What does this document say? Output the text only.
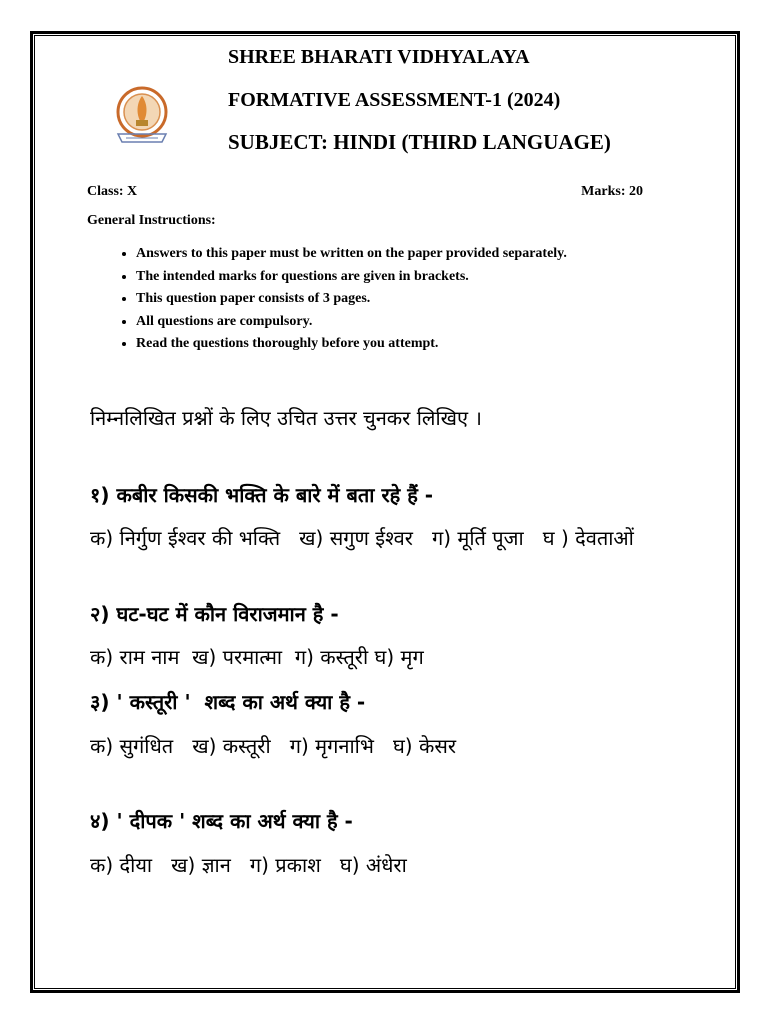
SHREE BHARATI VIDHYALAYA
FORMATIVE ASSESSMENT-1 (2024)
SUBJECT: HINDI (THIRD LANGUAGE)
Class: X	Marks: 20
General Instructions:
• Answers to this paper must be written on the paper provided separately.
• The intended marks for questions are given in brackets.
• This question paper consists of 3 pages.
• All questions are compulsory.
• Read the questions thoroughly before you attempt.
निम्नलिखित प्रश्नों के लिए उचित उत्तर चुनकर लिखिए ।
१) कबीर किसकी भक्ति के बारे में बता रहे हैं -
क) निर्गुण ईश्वर की भक्ति   ख) सगुण ईश्वर   ग) मूर्ति पूजा   घ ) देवताओं
२) घट-घट में कौन विराजमान है -
क) राम नाम  ख) परमात्मा  ग) कस्तूरी घ) मृग
३) ' कस्तूरी '  शब्द का अर्थ क्या है -
क) सुगंधित   ख) कस्तूरी   ग) मृगनाभि   घ) केसर
४) ' दीपक ' शब्द का अर्थ क्या है -
क) दीया   ख) ज्ञान   ग) प्रकाश   घ) अंधेरा
